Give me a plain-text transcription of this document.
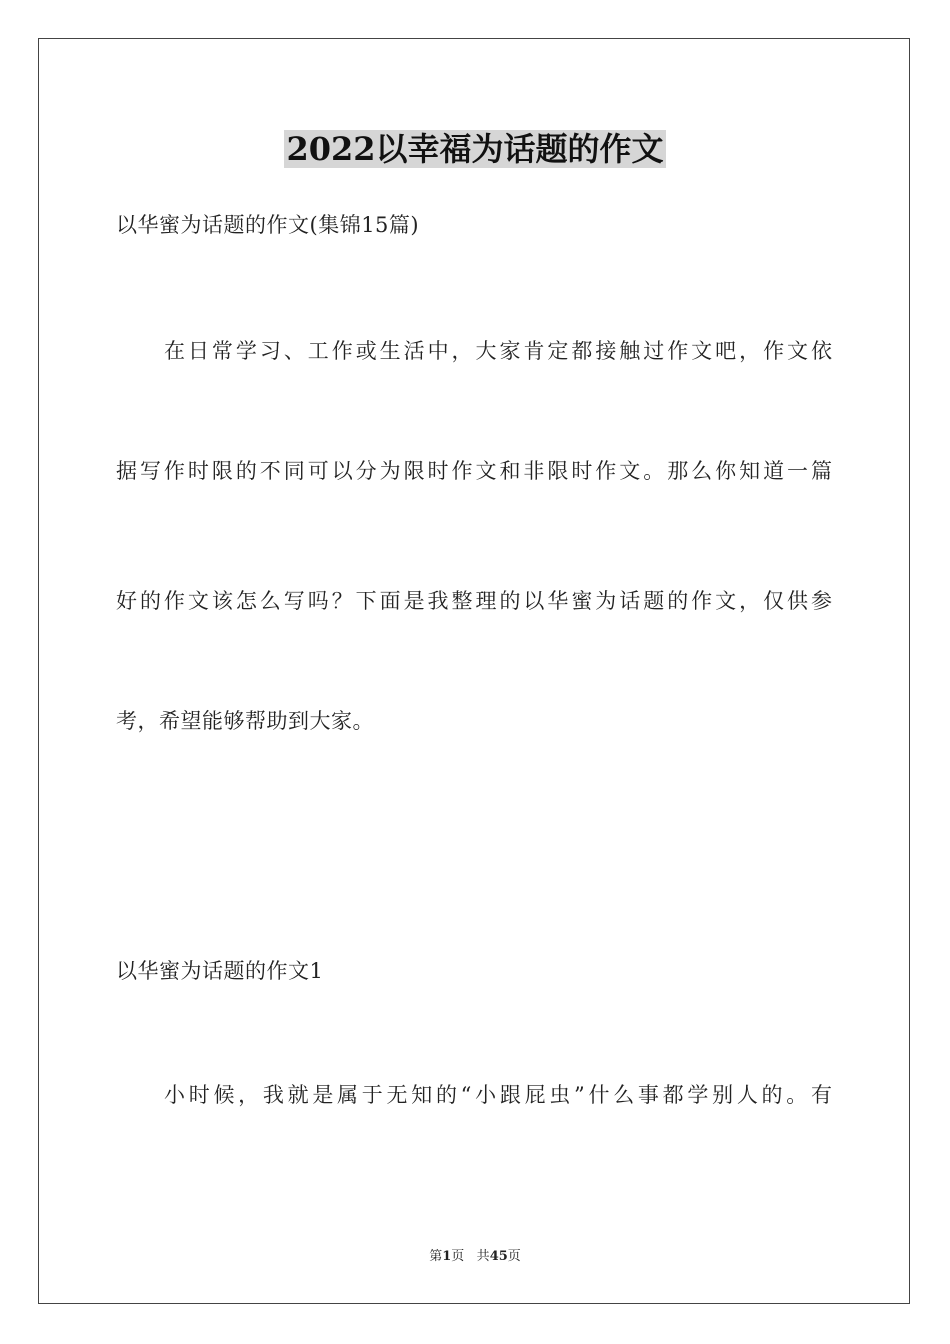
2022以幸福为话题的作文
以华蜜为话题的作文(集锦15篇)
在日常学习、工作或生活中，大家肯定都接触过作文吧，作文依
据写作时限的不同可以分为限时作文和非限时作文。那么你知道一篇
好的作文该怎么写吗？下面是我整理的以华蜜为话题的作文，仅供参
考，希望能够帮助到大家。
以华蜜为话题的作文1
小时候，我就是属于无知的“小跟屁虫”什么事都学别人的。有
第1页 共45页
